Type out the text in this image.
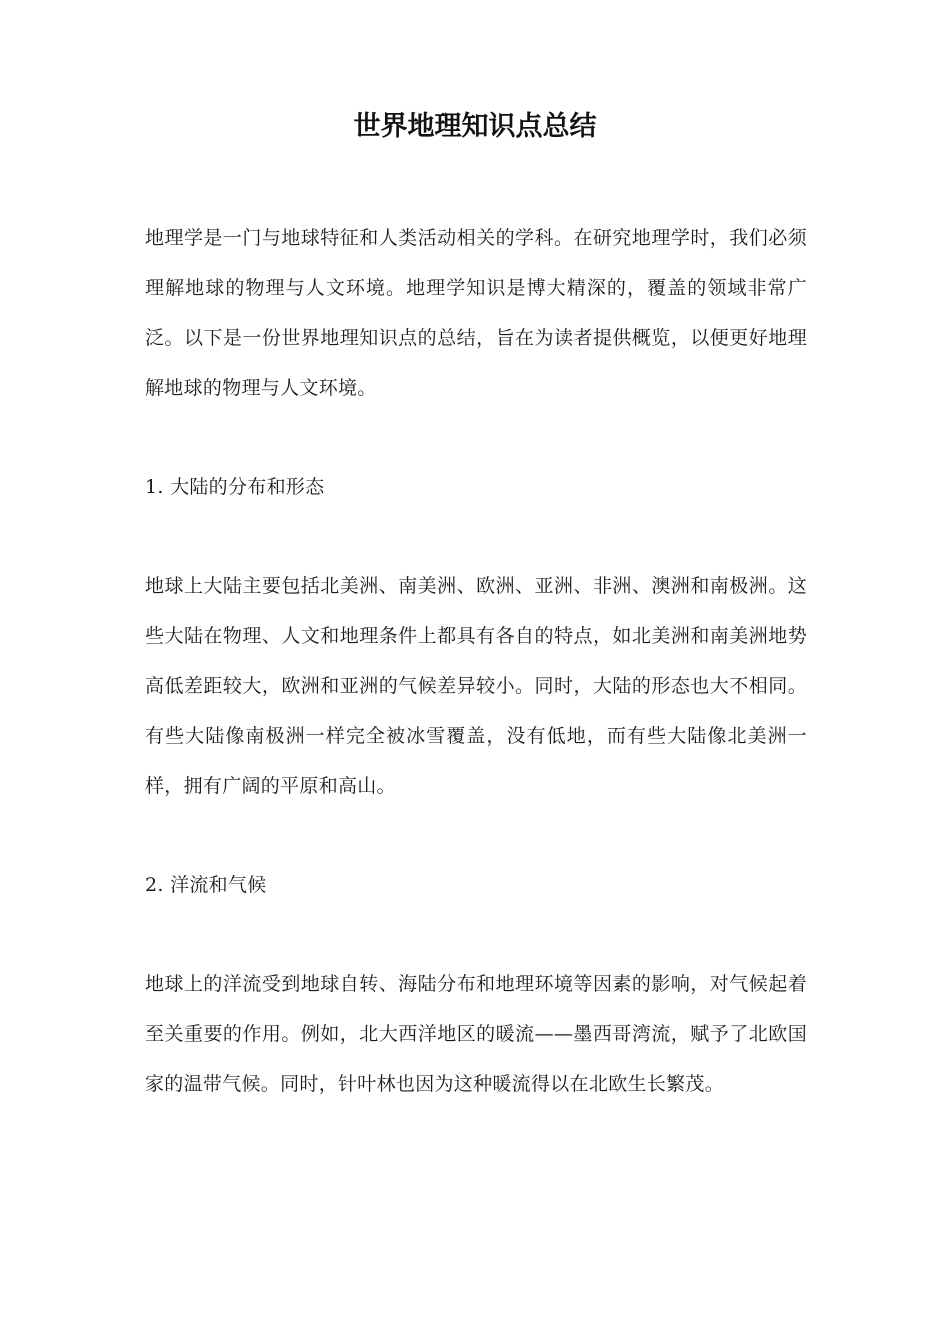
世界地理知识点总结

地理学是一门与地球特征和人类活动相关的学科。在研究地理学时，我们必须理解地球的物理与人文环境。地理学知识是博大精深的，覆盖的领域非常广泛。以下是一份世界地理知识点的总结，旨在为读者提供概览，以便更好地理解地球的物理与人文环境。

1. 大陆的分布和形态

地球上大陆主要包括北美洲、南美洲、欧洲、亚洲、非洲、澳洲和南极洲。这些大陆在物理、人文和地理条件上都具有各自的特点，如北美洲和南美洲地势高低差距较大，欧洲和亚洲的气候差异较小。同时，大陆的形态也大不相同。有些大陆像南极洲一样完全被冰雪覆盖，没有低地，而有些大陆像北美洲一样，拥有广阔的平原和高山。

2. 洋流和气候

地球上的洋流受到地球自转、海陆分布和地理环境等因素的影响，对气候起着至关重要的作用。例如，北大西洋地区的暖流——墨西哥湾流，赋予了北欧国家的温带气候。同时，针叶林也因为这种暖流得以在北欧生长繁茂。
